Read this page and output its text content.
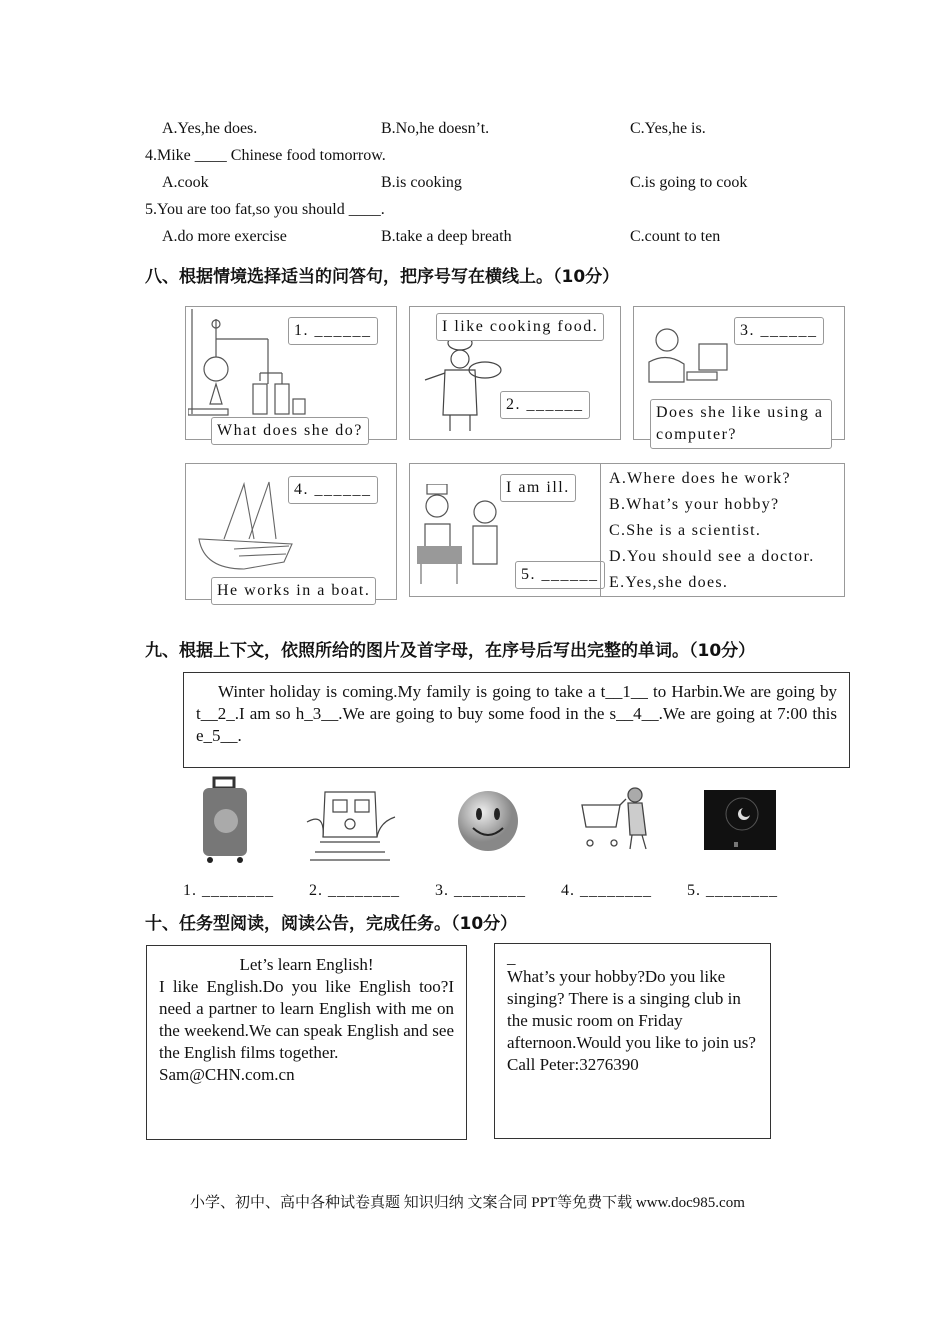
A.Yes,he does.	B.No,he doesn’t.	C.Yes,he is.
4.Mike ____ Chinese food tomorrow.
A.cook	B.is cooking	C.is going to cook
5.You are too fat,so you should ____.
A.do more exercise	B.take a deep breath	C.count to ten
八、根据情境选择适当的问答句，把序号写在横线上。（10分）
1. ______
What does she do?
I like cooking food.
2. ______
3. ______
Does she like using a computer?
4. ______
He works in a boat.
I am ill.
5. ______
A.Where does he work?
B.What’s your hobby?
C.She is a scientist.
D.You should see a doctor.
E.Yes,she does.
九、根据上下文，依照所给的图片及首字母，在序号后写出完整的单词。（10分）
Winter holiday is coming.My family is going to take a t__1__ to Harbin.We are going by t__2_.I am so h_3__.We are going to buy some food in the s__4__.We are going at 7:00 this e_5__.
1. ________ 2. ________ 3. ________ 4. ________ 5. ________
十、任务型阅读，阅读公告，完成任务。（10分）
Let’s learn English!
I like English.Do you like English too?I need a partner to learn English with me on the weekend.We can speak English and see the English films together.
Sam@CHN.com.cn
_
What’s your hobby?Do you like singing? There is a singing club in the music room on Friday afternoon.Would you like to join us?
Call Peter:3276390
小学、初中、高中各种试卷真题 知识归纳 文案合同 PPT等免费下载 www.doc985.com
